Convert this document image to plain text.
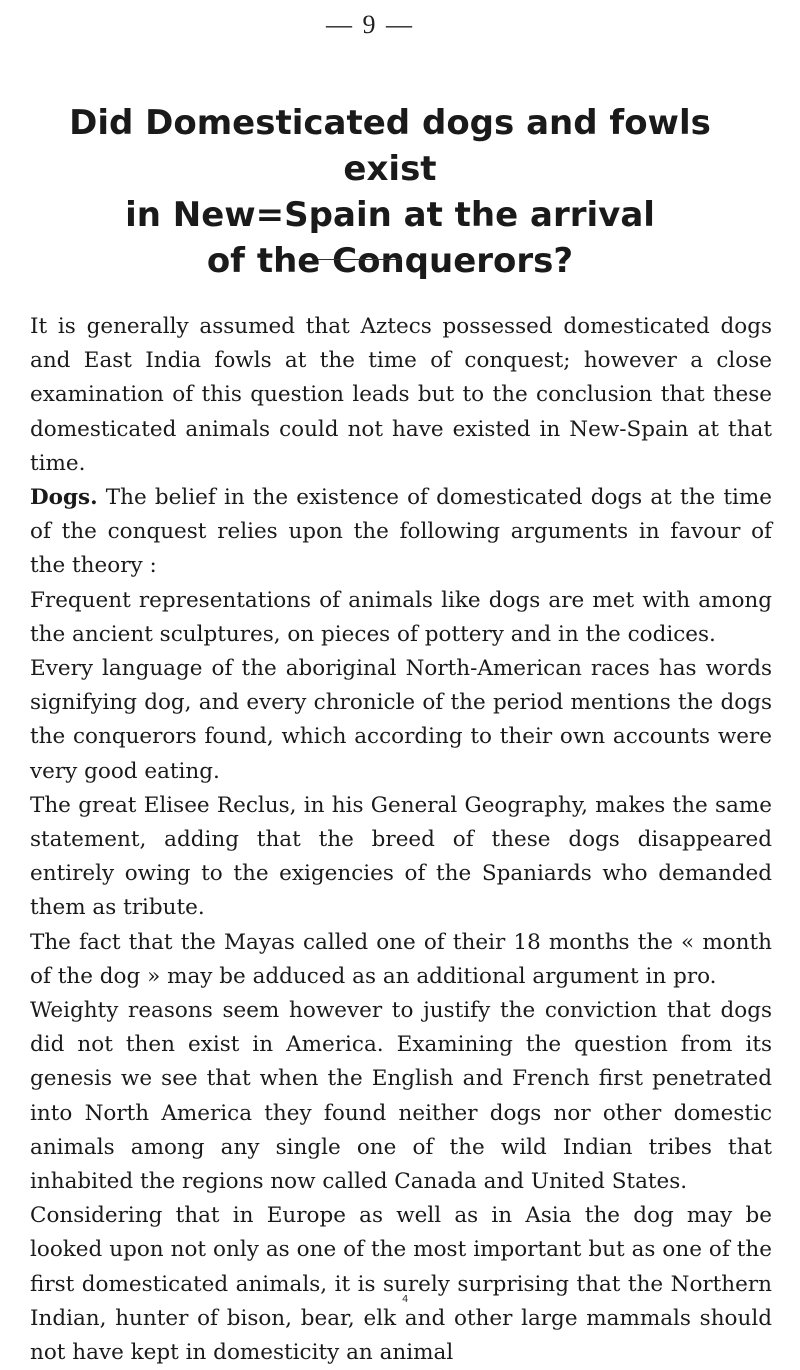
— 9 —
Did Domesticated dogs and fowls exist
in New=Spain at the arrival
of the Conquerors?

It is generally assumed that Aztecs possessed domesticated dogs and East India fowls at the time of conquest; however a close examination of this question leads but to the conclusion that these domesticated animals could not have existed in New-Spain at that time.

Dogs. The belief in the existence of domesticated dogs at the time of the conquest relies upon the following arguments in favour of the theory :

Frequent representations of animals like dogs are met with among the ancient sculptures, on pieces of pottery and in the codices.

Every language of the aboriginal North-American races has words signifying dog, and every chronicle of the period mentions the dogs the conquerors found, which according to their own accounts were very good eating.

The great Elisee Reclus, in his General Geography, makes the same statement, adding that the breed of these dogs disappeared entirely owing to the exigencies of the Spaniards who demanded them as tribute.

The fact that the Mayas called one of their 18 months the « month of the dog » may be adduced as an additional argument in pro.

Weighty reasons seem however to justify the conviction that dogs did not then exist in America. Examining the question from its genesis we see that when the English and French first penetrated into North America they found neither dogs nor other domestic animals among any single one of the wild Indian tribes that inhabited the regions now called Canada and United States.

Considering that in Europe as well as in Asia the dog may be looked upon not only as one of the most important but as one of the first domesticated animals, it is surely surprising that the Northern Indian, hunter of bison, bear, elk and other large mammals should not have kept in domesticity an animal

4
